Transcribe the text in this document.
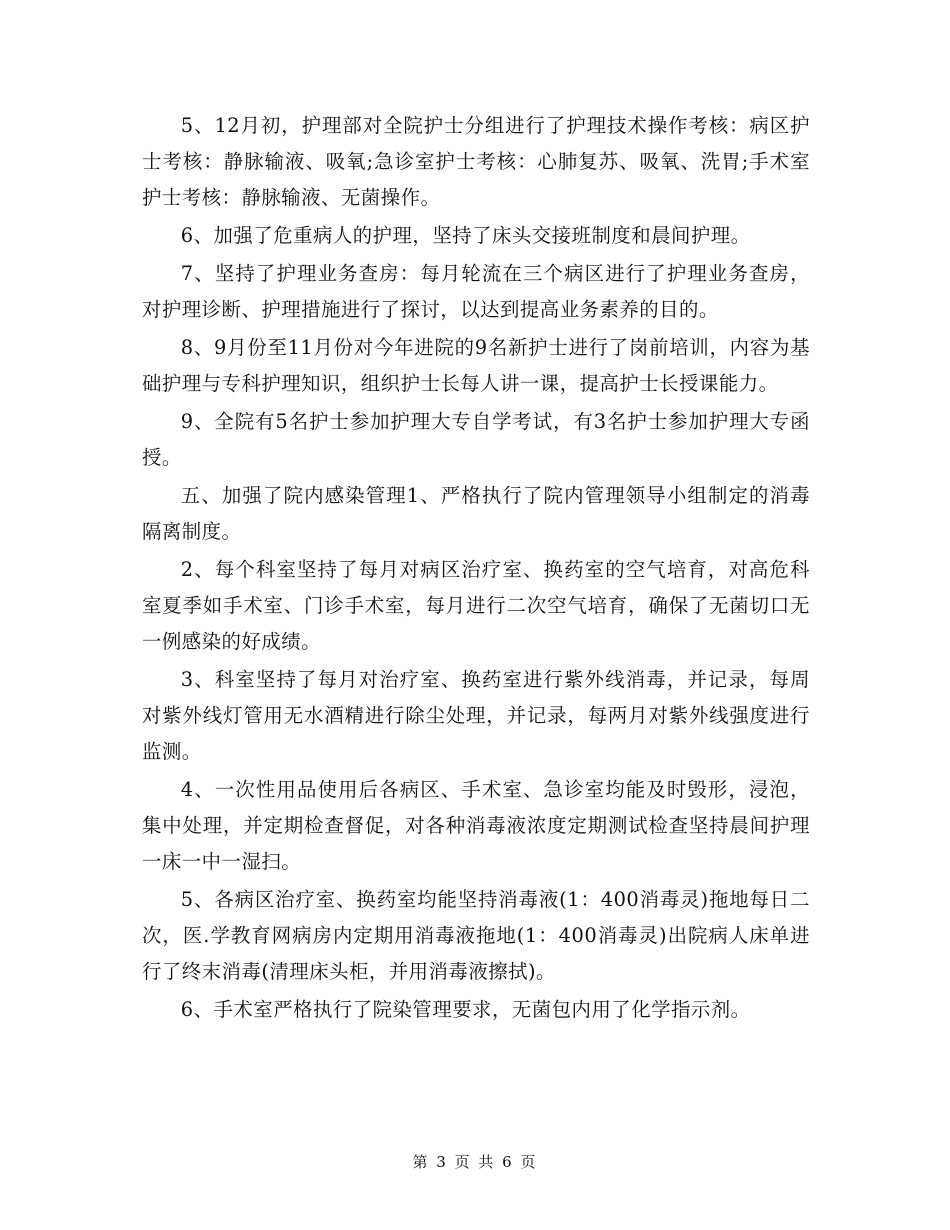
5、12月初，护理部对全院护士分组进行了护理技术操作考核：病区护士考核：静脉输液、吸氧;急诊室护士考核：心肺复苏、吸氧、洗胃;手术室护士考核：静脉输液、无菌操作。

6、加强了危重病人的护理，坚持了床头交接班制度和晨间护理。

7、坚持了护理业务查房：每月轮流在三个病区进行了护理业务查房，对护理诊断、护理措施进行了探讨，以达到提高业务素养的目的。

8、9月份至11月份对今年进院的9名新护士进行了岗前培训，内容为基础护理与专科护理知识，组织护士长每人讲一课，提高护士长授课能力。

9、全院有5名护士参加护理大专自学考试，有3名护士参加护理大专函授。

五、加强了院内感染管理1、严格执行了院内管理领导小组制定的消毒隔离制度。

2、每个科室坚持了每月对病区治疗室、换药室的空气培育，对高危科室夏季如手术室、门诊手术室，每月进行二次空气培育，确保了无菌切口无一例感染的好成绩。

3、科室坚持了每月对治疗室、换药室进行紫外线消毒，并记录，每周对紫外线灯管用无水酒精进行除尘处理，并记录，每两月对紫外线强度进行监测。

4、一次性用品使用后各病区、手术室、急诊室均能及时毁形，浸泡，集中处理，并定期检查督促，对各种消毒液浓度定期测试检查坚持晨间护理一床一中一湿扫。

5、各病区治疗室、换药室均能坚持消毒液(1：400消毒灵)拖地每日二次，医.学教育网病房内定期用消毒液拖地(1：400消毒灵)出院病人床单进行了终末消毒(清理床头柜，并用消毒液擦拭)。

6、手术室严格执行了院染管理要求，无菌包内用了化学指示剂。

第 3 页 共 6 页
